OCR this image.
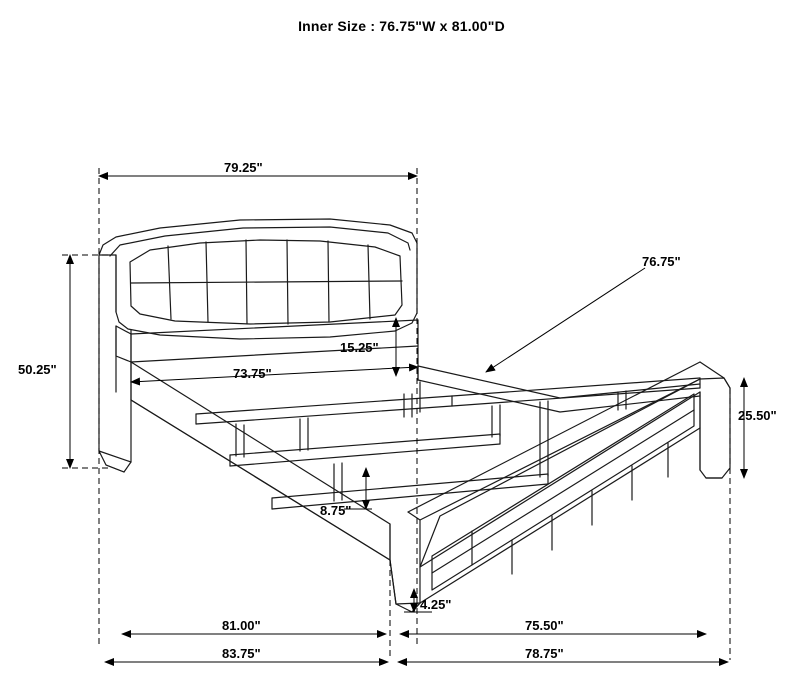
Inner Size : 76.75"W x 81.00"D
79.25"
50.25"	73.75"
15.25"
76.75"
25.50"
8.75"
4.25"
81.00"
83.75"
75.50"
78.75"
